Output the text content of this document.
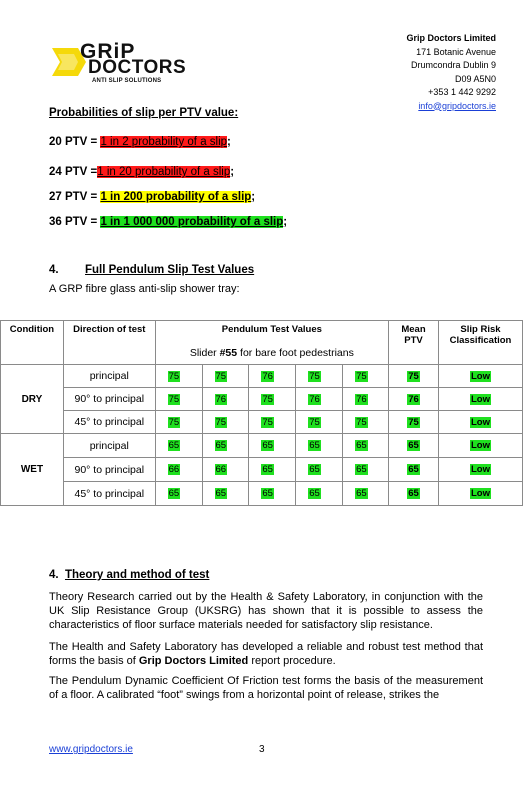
GRiP
DOCTORS
ANTI SLIP SOLUTIONS
Grip Doctors Limited
171 Botanic Avenue
Drumcondra Dublin 9
D09 A5N0
+353 1 442 9292
info@gripdoctors.ie
Probabilities of slip per PTV value:
20 PTV = 1 in 2 probability of a slip;
24 PTV =1 in 20 probability of a slip;
27 PTV = 1 in 200 probability of a slip;
36 PTV = 1 in 1 000 000 probability of a slip;
4. Full Pendulum Slip Test Values
A GRP fibre glass anti-slip shower tray:
Condition	Direction of test	Pendulum Test Values					Mean PTV	Slip Risk Classification
		Slider #55 for bare foot pedestrians						
DRY	principal	75	75	76	75	75	75	Low
	90° to principal	75	76	75	76	76	76	Low
	45° to principal	75	75	75	75	75	75	Low
WET	principal	65	65	65	65	65	65	Low
	90° to principal	66	66	65	65	65	65	Low
	45° to principal	65	65	65	65	65	65	Low
4. Theory and method of test
Theory Research carried out by the Health & Safety Laboratory, in conjunction with the UK Slip Resistance Group (UKSRG) has shown that it is possible to assess the characteristics of floor surface materials needed for satisfactory slip resistance.
The Health and Safety Laboratory has developed a reliable and robust test method that forms the basis of Grip Doctors Limited report procedure.
The Pendulum Dynamic Coefficient Of Friction test forms the basis of the measurement of a floor. A calibrated “foot” swings from a horizontal point of release, strikes the
www.gripdoctors.ie	3
